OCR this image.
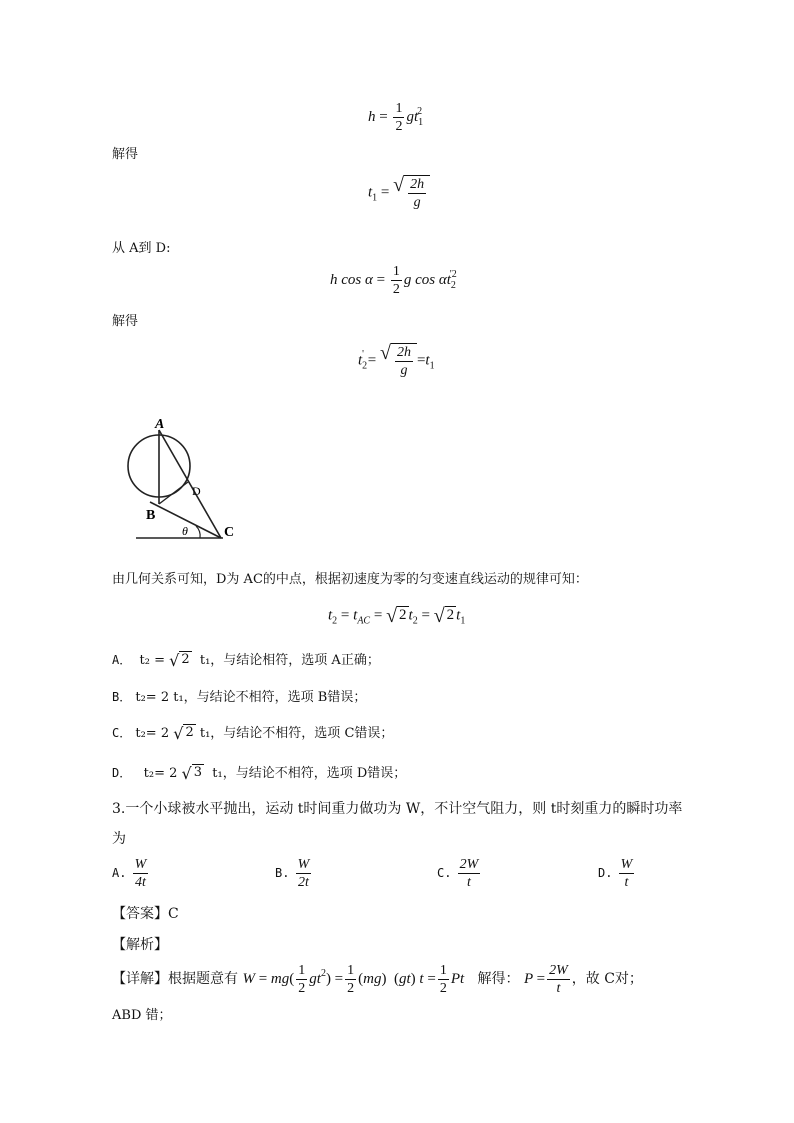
$h = \frac{1}{2} gt_1^2$
解得
$t_1$ = √ $\frac{2h}{g}$
从 A到 D:
h $\cos \alpha = \frac{1}{2}$ g $\cos \alpha t_2^{'2}$
解得
$t_2'$ = √ $\frac{2h}{g} =t_1$
A
B
D
C
θ
由几何关系可知，D为 AC的中点，根据初速度为零的匀变速直线运动的规律可知：
$t_2 = t_{AC}$ = √ 2 $t_2$ = √ 2 $t_1$
A． t₂ = √ 2 t₁，与结论相符，选项 A正确；
B． t₂= 2 t₁，与结论不相符，选项 B错误；
C． t₂= 2 √ 2 t₁，与结论不相符，选项 C错误；
D． t₂= 2 √ 3 t₁，与结论不相符，选项 D错误；
3.一个小球被水平抛出，运动 t时间重力做功为 W，不计空气阻力，则 t时刻重力的瞬时功率
为
A. $\frac{W}{4t}$	B. $\frac{W}{2t}$	C. $\frac{2W}{t}$	D. $\frac{W}{t}$
【答案】C
【解析】
【详解】根据题意有 $W = mg( \frac{1}{2} gt^2) = \frac{1}{2} (mg)$ (gt) $t = \frac{1}{2}$ Pt 解得： $P = \frac{2W}{t}$ ，故 C对；
ABD 错；
